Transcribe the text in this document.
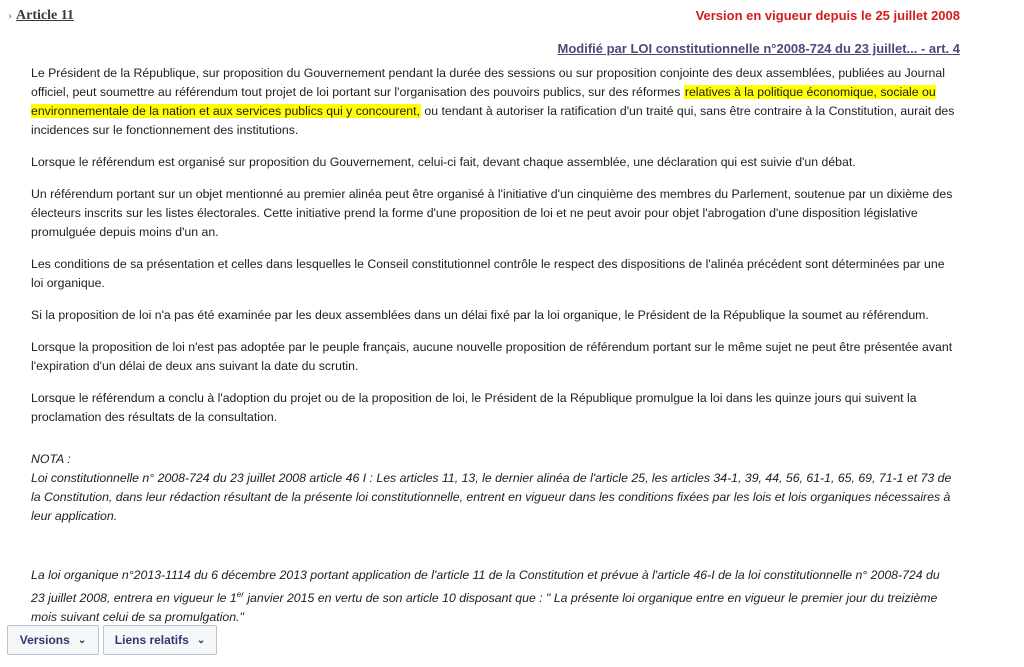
› Article 11	Version en vigueur depuis le 25 juillet 2008
Modifié par LOI constitutionnelle n°2008-724 du 23 juillet... - art. 4

Le Président de la République, sur proposition du Gouvernement pendant la durée des sessions ou sur proposition conjointe des deux assemblées, publiées au Journal officiel, peut soumettre au référendum tout projet de loi portant sur l'organisation des pouvoirs publics, sur des réformes relatives à la politique économique, sociale ou environnementale de la nation et aux services publics qui y concourent, ou tendant à autoriser la ratification d'un traité qui, sans être contraire à la Constitution, aurait des incidences sur le fonctionnement des institutions.

Lorsque le référendum est organisé sur proposition du Gouvernement, celui-ci fait, devant chaque assemblée, une déclaration qui est suivie d'un débat.

Un référendum portant sur un objet mentionné au premier alinéa peut être organisé à l'initiative d'un cinquième des membres du Parlement, soutenue par un dixième des électeurs inscrits sur les listes électorales. Cette initiative prend la forme d'une proposition de loi et ne peut avoir pour objet l'abrogation d'une disposition législative promulguée depuis moins d'un an.

Les conditions de sa présentation et celles dans lesquelles le Conseil constitutionnel contrôle le respect des dispositions de l'alinéa précédent sont déterminées par une loi organique.

Si la proposition de loi n'a pas été examinée par les deux assemblées dans un délai fixé par la loi organique, le Président de la République la soumet au référendum.

Lorsque la proposition de loi n'est pas adoptée par le peuple français, aucune nouvelle proposition de référendum portant sur le même sujet ne peut être présentée avant l'expiration d'un délai de deux ans suivant la date du scrutin.

Lorsque le référendum a conclu à l'adoption du projet ou de la proposition de loi, le Président de la République promulgue la loi dans les quinze jours qui suivent la proclamation des résultats de la consultation.

NOTA :

Loi constitutionnelle n° 2008-724 du 23 juillet 2008 article 46 I : Les articles 11, 13, le dernier alinéa de l'article 25, les articles 34-1, 39, 44, 56, 61-1, 65, 69, 71-1 et 73 de la Constitution, dans leur rédaction résultant de la présente loi constitutionnelle, entrent en vigueur dans les conditions fixées par les lois et lois organiques nécessaires à leur application.

La loi organique n°2013-1114 du 6 décembre 2013 portant application de l'article 11 de la Constitution et prévue à l'article 46-I de la loi constitutionnelle n° 2008-724 du 23 juillet 2008, entrera en vigueur le 1er janvier 2015 en vertu de son article 10 disposant que : " La présente loi organique entre en vigueur le premier jour du treizième mois suivant celui de sa promulgation."

Versions ⌄ Liens relatifs ⌄
